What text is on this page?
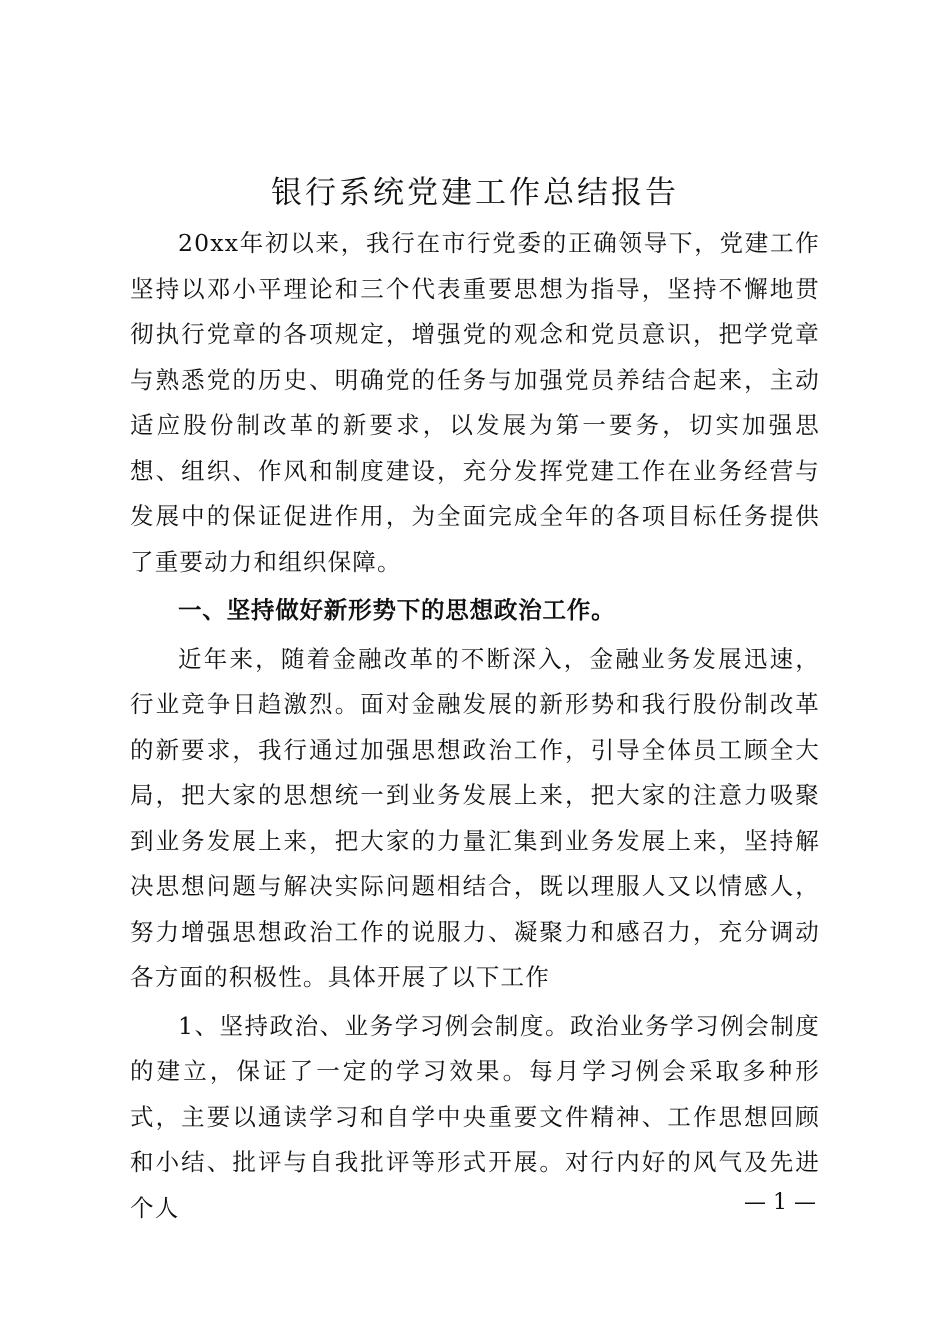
银行系统党建工作总结报告

20xx年初以来，我行在市行党委的正确领导下，党建工作坚持以邓小平理论和三个代表重要思想为指导，坚持不懈地贯彻执行党章的各项规定，增强党的观念和党员意识，把学党章与熟悉党的历史、明确党的任务与加强党员养结合起来，主动适应股份制改革的新要求，以发展为第一要务，切实加强思想、组织、作风和制度建设，充分发挥党建工作在业务经营与发展中的保证促进作用，为全面完成全年的各项目标任务提供了重要动力和组织保障。

一、坚持做好新形势下的思想政治工作。

近年来，随着金融改革的不断深入，金融业务发展迅速，行业竞争日趋激烈。面对金融发展的新形势和我行股份制改革的新要求，我行通过加强思想政治工作，引导全体员工顾全大局，把大家的思想统一到业务发展上来，把大家的注意力吸聚到业务发展上来，把大家的力量汇集到业务发展上来，坚持解决思想问题与解决实际问题相结合，既以理服人又以情感人，努力增强思想政治工作的说服力、凝聚力和感召力，充分调动各方面的积极性。具体开展了以下工作

1、坚持政治、业务学习例会制度。政治业务学习例会制度的建立，保证了一定的学习效果。每月学习例会采取多种形式，主要以通读学习和自学中央重要文件精神、工作思想回顾和小结、批评与自我批评等形式开展。对行内好的风气及先进个人	— 1 —
